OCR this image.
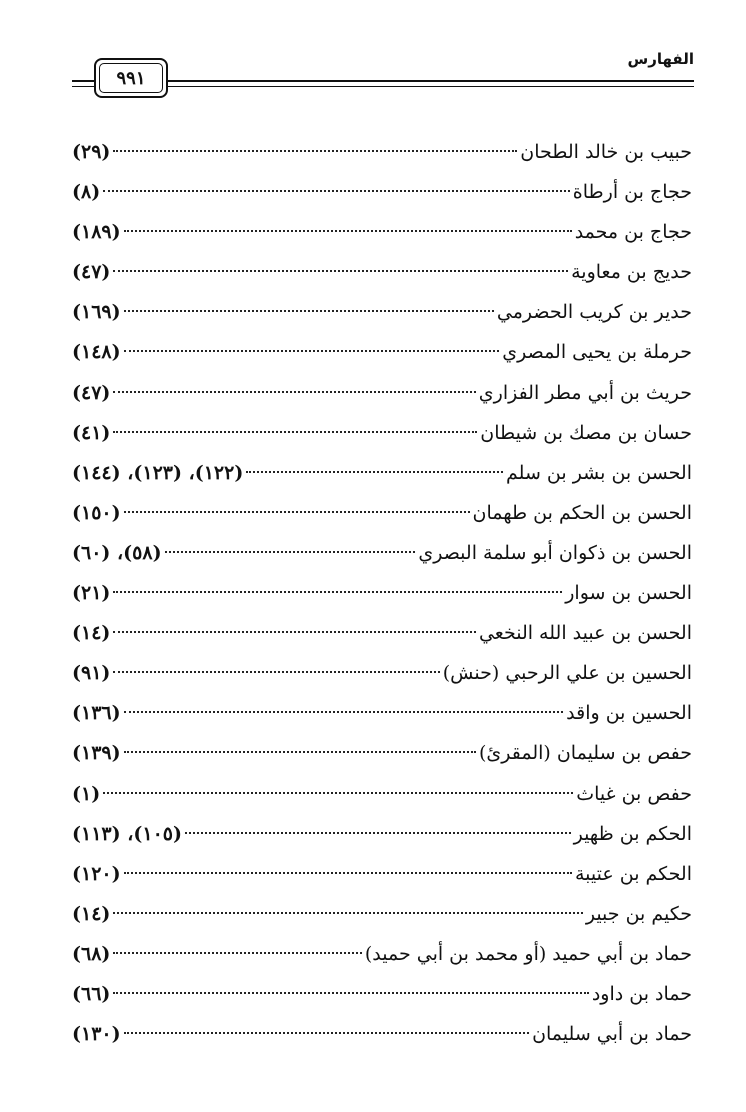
الفهارس
٩٩١
حبيب بن خالد الطحان
(٢٩)
حجاج بن أرطاة
(٨)
حجاج بن محمد
(١٨٩)
حديج بن معاوية
(٤٧)
حدير بن كريب الحضرمي
(١٦٩)
حرملة بن يحيى المصري
(١٤٨)
حريث بن أبي مطر الفزاري
(٤٧)
حسان بن مصك بن شيطان
(٤١)
الحسن بن بشر بن سلم
(١٢٢)، (١٢٣)، (١٤٤)
الحسن بن الحكم بن طهمان
(١٥٠)
الحسن بن ذكوان أبو سلمة البصري
(٥٨)، (٦٠)
الحسن بن سوار
(٢١)
الحسن بن عبيد الله النخعي
(١٤)
الحسين بن علي الرحبي (حنش)
(٩١)
الحسين بن واقد
(١٣٦)
حفص بن سليمان (المقرئ)
(١٣٩)
حفص بن غياث
(١)
الحكم بن ظهير
(١٠٥)، (١١٣)
الحكم بن عتيبة
(١٢٠)
حكيم بن جبير
(١٤)
حماد بن أبي حميد (أو محمد بن أبي حميد)
(٦٨)
حماد بن داود
(٦٦)
حماد بن أبي سليمان
(١٣٠)
